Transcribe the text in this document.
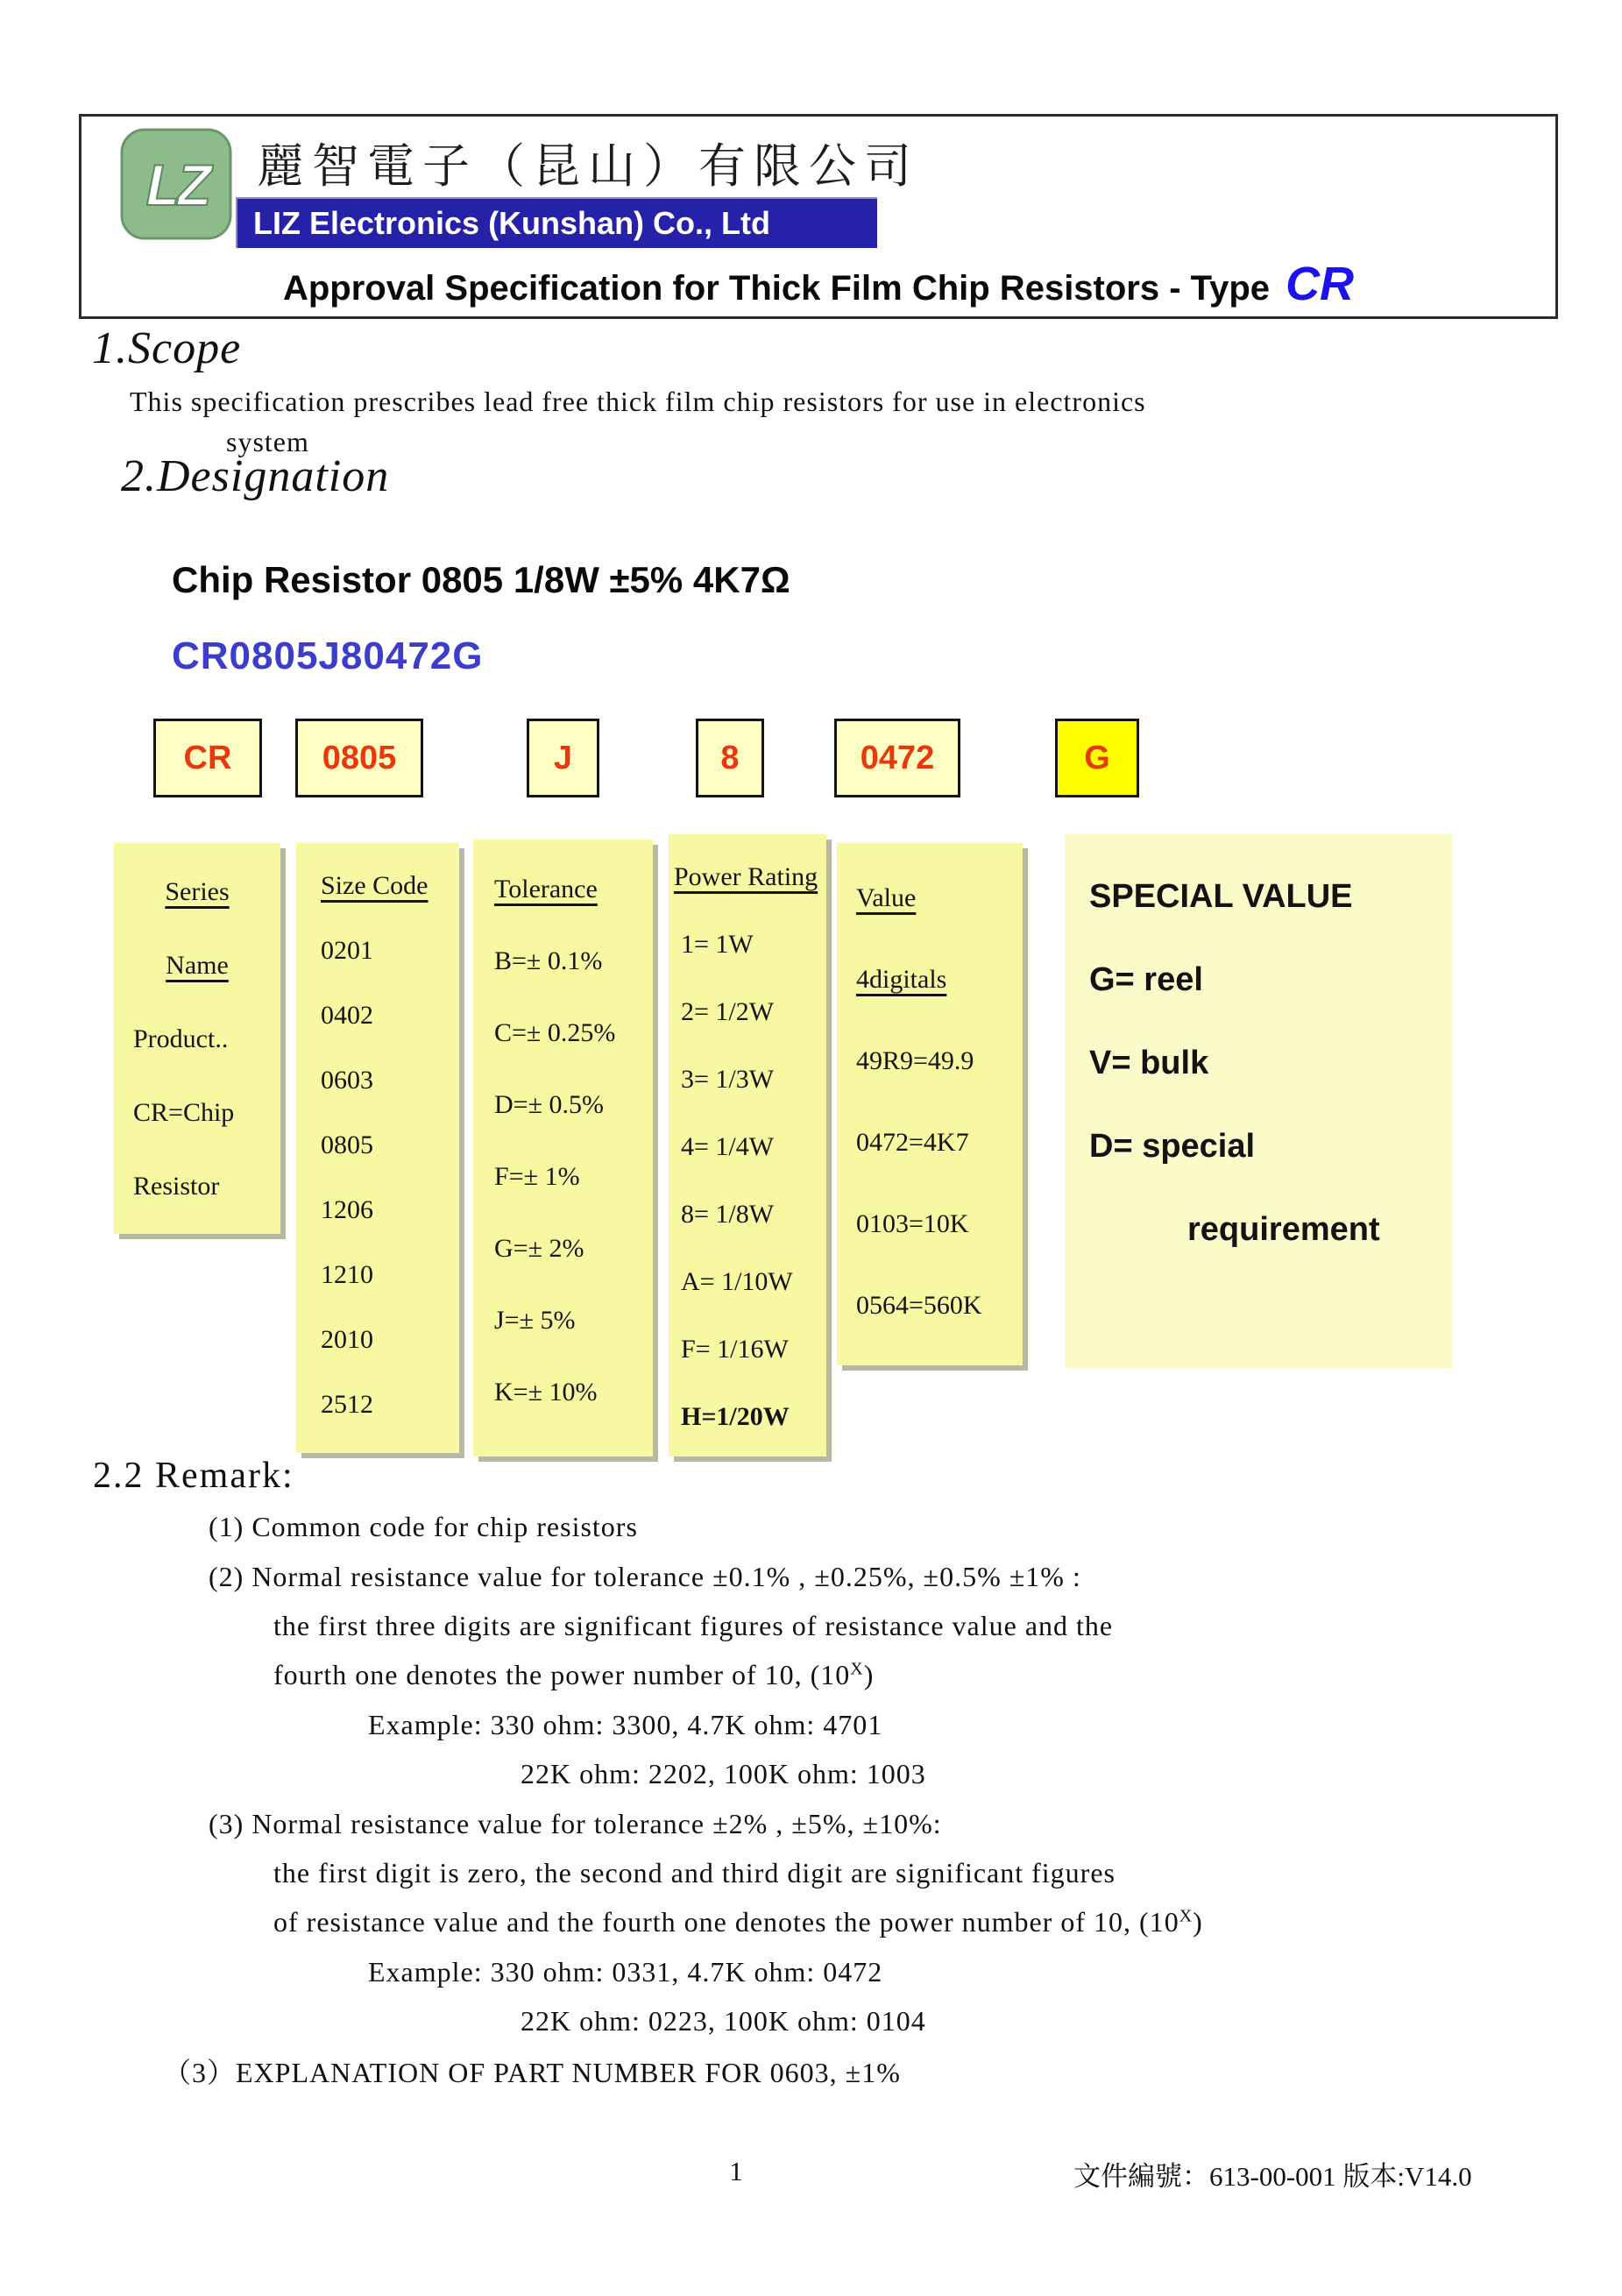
LZ 麗智電子（昆山）有限公司
LIZ Electronics (Kunshan) Co., Ltd
Approval Specification for Thick Film Chip Resistors - Type CR
1.Scope
This specification prescribes lead free thick film chip resistors for use in electronics
system
2.Designation
Chip Resistor 0805 1/8W ±5% 4K7Ω
CR0805J80472G
CR	0805	J	8	0472	G
Series
Name
Product..
CR=Chip
Resistor
Size Code
0201
0402
0603
0805
1206
1210
2010
2512
Tolerance
B=± 0.1%
C=± 0.25%
D=± 0.5%
F=± 1%
G=± 2%
J=± 5%
K=± 10%
Power Rating
1= 1W
2= 1/2W
3= 1/3W
4= 1/4W
8= 1/8W
A= 1/10W
F= 1/16W
H=1/20W
Value
4digitals
49R9=49.9
0472=4K7
0103=10K
0564=560K
SPECIAL VALUE
G= reel
V= bulk
D= special
requirement
2.2 Remark:
(1) Common code for chip resistors
(2) Normal resistance value for tolerance ±0.1% , ±0.25%, ±0.5% ±1% :
the first three digits are significant figures of resistance value and the
fourth one denotes the power number of 10, $(10^X)$
Example: 330 ohm: 3300, 4.7K ohm: 4701
22K ohm: 2202, 100K ohm: 1003
(3) Normal resistance value for tolerance ±2% , ±5%, ±10%:
the first digit is zero, the second and third digit are significant figures
of resistance value and the fourth one denotes the power number of 10, $(10^X)$
Example: 330 ohm: 0331, 4.7K ohm: 0472
22K ohm: 0223, 100K ohm: 0104
（3）EXPLANATION OF PART NUMBER FOR 0603, ±1%
1	文件編號：613-00-001 版本:V14.0
